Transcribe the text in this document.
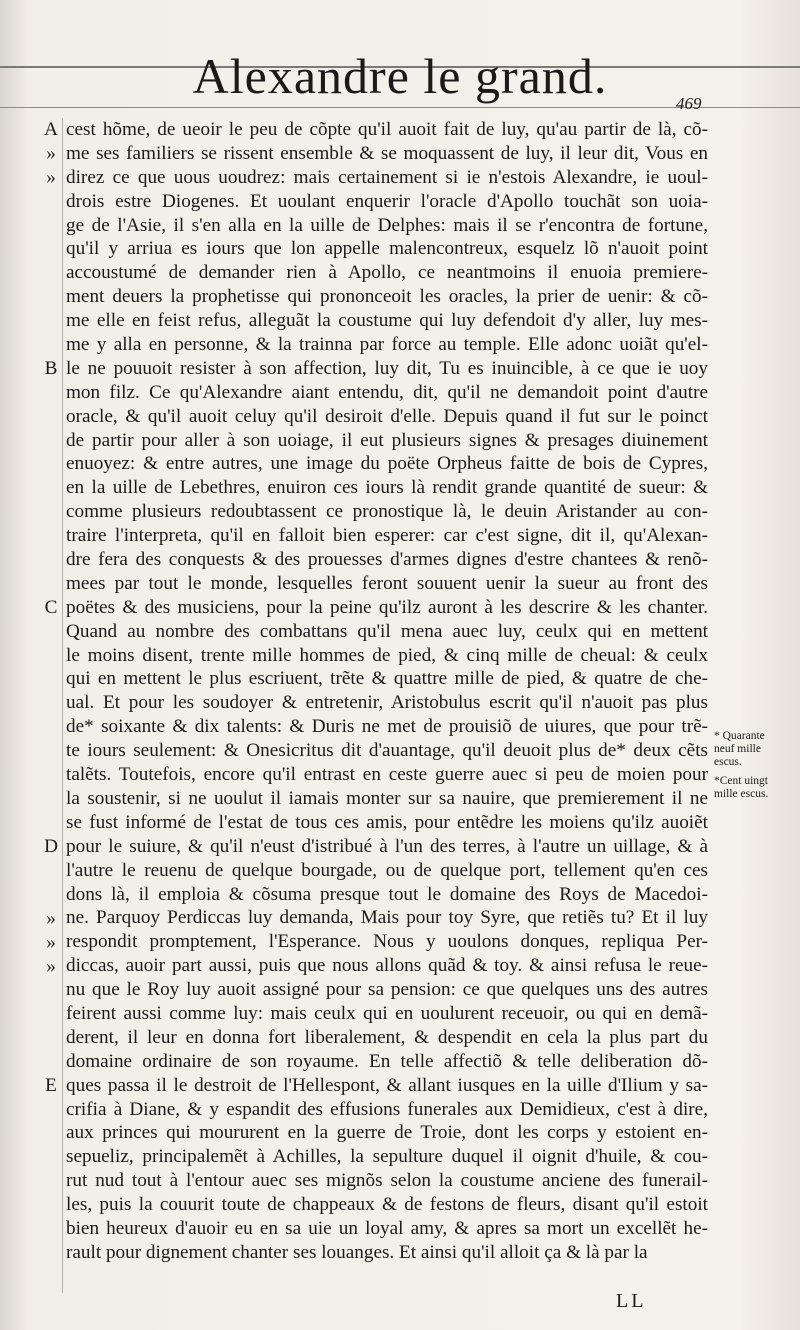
Alexandre le grand.	469
A
»
»
B
C
D
»
»
»
E
cest hõme, de ueoir le peu de cõpte qu'il auoit fait de luy, qu'au partir de là, cõ-
me ses familiers se rissent ensemble & se moquassent de luy, il leur dit, Vous en
direz ce que uous uoudrez: mais certainement si ie n'estois Alexandre, ie uoul-
drois estre Diogenes. Et uoulant enquerir l'oracle d'Apollo touchãt son uoia-
ge de l'Asie, il s'en alla en la uille de Delphes: mais il se r'encontra de fortune,
qu'il y arriua es iours que lon appelle malencontreux, esquelz lõ n'auoit point
accoustumé de demander rien à Apollo, ce neantmoins il enuoia premiere-
ment deuers la prophetisse qui prononceoit les oracles, la prier de uenir: & cõ-
me elle en feist refus, alleguãt la coustume qui luy defendoit d'y aller, luy mes-
me y alla en personne, & la trainna par force au temple. Elle adonc uoiãt qu'el-
le ne pouuoit resister à son affection, luy dit, Tu es inuincible, à ce que ie uoy
mon filz. Ce qu'Alexandre aiant entendu, dit, qu'il ne demandoit point d'autre
oracle, & qu'il auoit celuy qu'il desiroit d'elle. Depuis quand il fut sur le poinct
de partir pour aller à son uoiage, il eut plusieurs signes & presages diuinement
enuoyez: & entre autres, une image du poëte Orpheus faitte de bois de Cypres,
en la uille de Lebethres, enuiron ces iours là rendit grande quantité de sueur: &
comme plusieurs redoubtassent ce pronostique là, le deuin Aristander au con-
traire l'interpreta, qu'il en falloit bien esperer: car c'est signe, dit il, qu'Alexan-
dre fera des conquests & des prouesses d'armes dignes d'estre chantees & renõ-
mees par tout le monde, lesquelles feront souuent uenir la sueur au front des
poëtes & des musiciens, pour la peine qu'ilz auront à les descrire & les chanter.
Quand au nombre des combattans qu'il mena auec luy, ceulx qui en mettent
le moins disent, trente mille hommes de pied, & cinq mille de cheual: & ceulx
qui en mettent le plus escriuent, trẽte & quattre mille de pied, & quatre de che-
ual. Et pour les soudoyer & entretenir, Aristobulus escrit qu'il n'auoit pas plus
de* soixante & dix talents: & Duris ne met de prouisiõ de uiures, que pour trẽ-
te iours seulement: & Onesicritus dit d'auantage, qu'il deuoit plus de* deux cẽts
talẽts. Toutefois, encore qu'il entrast en ceste guerre auec si peu de moien pour
la soustenir, si ne uoulut il iamais monter sur sa nauire, que premierement il ne
se fust informé de l'estat de tous ces amis, pour entẽdre les moiens qu'ilz auoiẽt
pour le suiure, & qu'il n'eust d'istribué à l'un des terres, à l'autre un uillage, & à
l'autre le reuenu de quelque bourgade, ou de quelque port, tellement qu'en ces
dons là, il emploia & cõsuma presque tout le domaine des Roys de Macedoi-
ne. Parquoy Perdiccas luy demanda, Mais pour toy Syre, que retiẽs tu? Et il luy
respondit promptement, l'Esperance. Nous y uoulons donques, repliqua Per-
diccas, auoir part aussi, puis que nous allons quãd & toy. & ainsi refusa le reue-
nu que le Roy luy auoit assigné pour sa pension: ce que quelques uns des autres
feirent aussi comme luy: mais ceulx qui en uoulurent receuoir, ou qui en demã-
derent, il leur en donna fort liberalement, & despendit en cela la plus part du
domaine ordinaire de son royaume. En telle affectiõ & telle deliberation dõ-
ques passa il le destroit de l'Hellespont, & allant iusques en la uille d'Ilium y sa-
crifia à Diane, & y espandit des effusions funerales aux Demidieux, c'est à dire,
aux princes qui moururent en la guerre de Troie, dont les corps y estoient en-
sepueliz, principalemẽt à Achilles, la sepulture duquel il oignit d'huile, & cou-
rut nud tout à l'entour auec ses mignõs selon la coustume anciene des funerail-
les, puis la couurit toute de chappeaux & de festons de fleurs, disant qu'il estoit
bien heureux d'auoir eu en sa uie un loyal amy, & apres sa mort un excellẽt he-
rault pour dignement chanter ses louanges. Et ainsi qu'il alloit ça & là par la
* Quarante
neuf mille
escus.
*Cent uingt
mille escus.
LL
